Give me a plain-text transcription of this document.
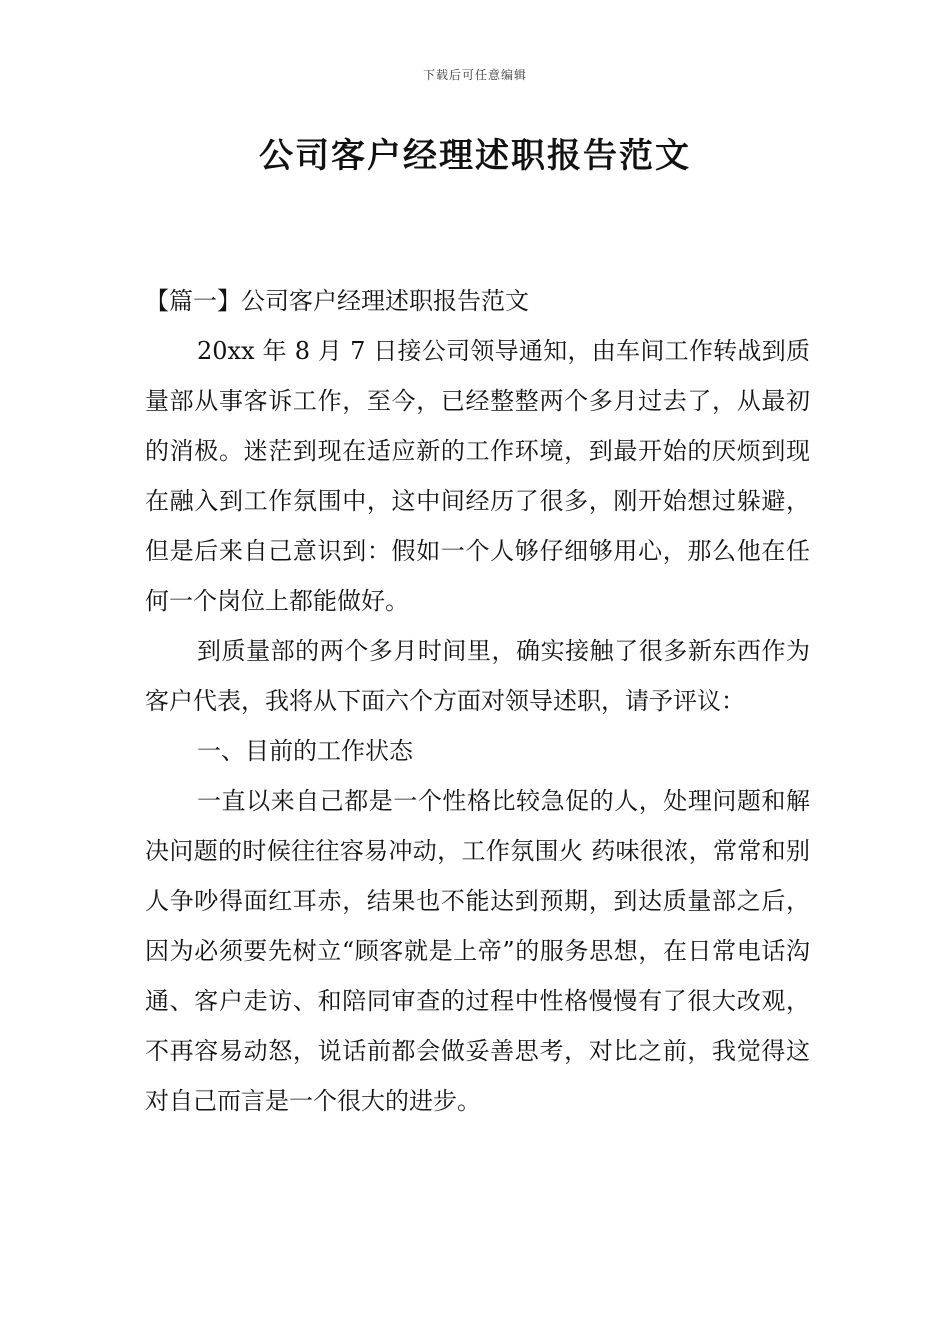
下载后可任意编辑
公司客户经理述职报告范文

【篇一】公司客户经理述职报告范文

20xx 年 8 月 7 日接公司领导通知，由车间工作转战到质量部从事客诉工作，至今，已经整整两个多月过去了，从最初的消极。迷茫到现在适应新的工作环境，到最开始的厌烦到现在融入到工作氛围中，这中间经历了很多，刚开始想过躲避，但是后来自己意识到：假如一个人够仔细够用心，那么他在任何一个岗位上都能做好。

到质量部的两个多月时间里，确实接触了很多新东西作为客户代表，我将从下面六个方面对领导述职，请予评议：

一、目前的工作状态

一直以来自己都是一个性格比较急促的人，处理问题和解决问题的时候往往容易冲动，工作氛围火 药味很浓，常常和别人争吵得面红耳赤，结果也不能达到预期，到达质量部之后，因为必须要先树立“顾客就是上帝”的服务思想，在日常电话沟通、客户走访、和陪同审查的过程中性格慢慢有了很大改观，不再容易动怒，说话前都会做妥善思考，对比之前，我觉得这对自己而言是一个很大的进步。
